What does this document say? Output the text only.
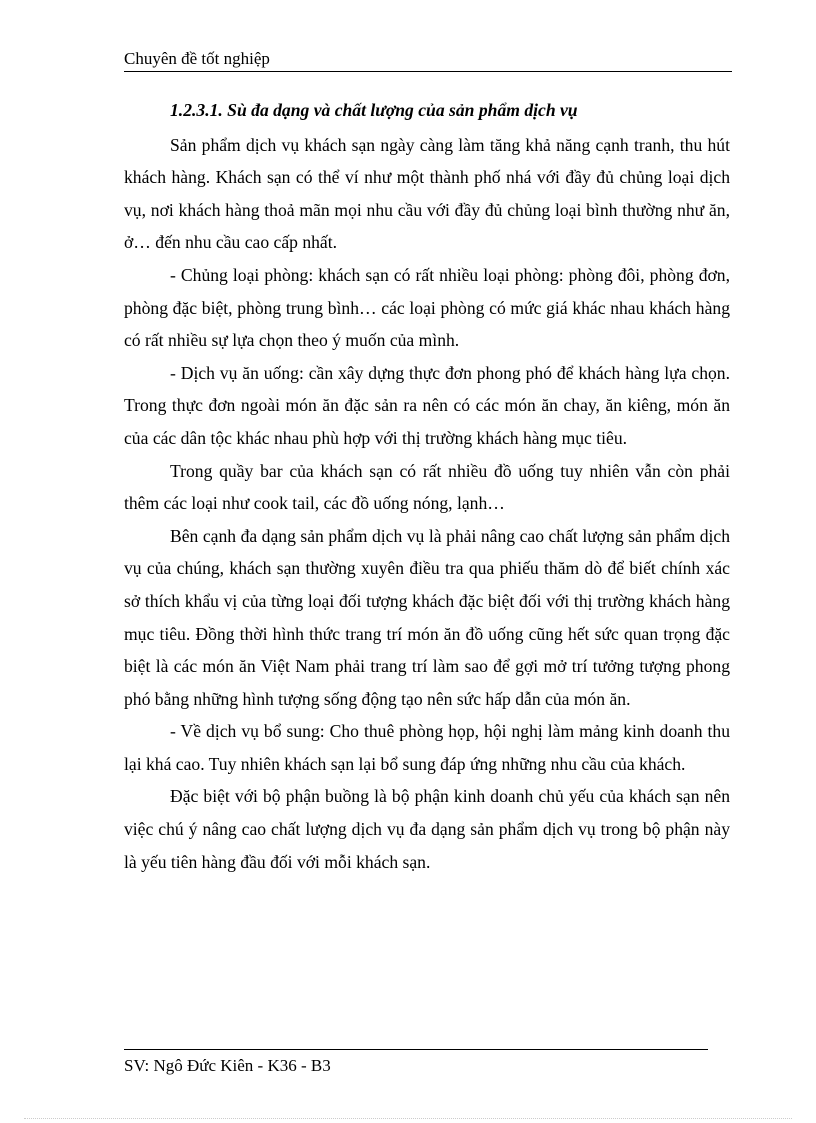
Chuyên đề tốt nghiệp
1.2.3.1. Sù đa dạng và chất lượng của sản phẩm dịch vụ

Sản phẩm dịch vụ khách sạn ngày càng làm tăng khả năng cạnh tranh, thu hút khách hàng. Khách sạn có thể ví như một thành phố nhá với đầy đủ chủng loại dịch vụ, nơi khách hàng thoả mãn mọi nhu cầu với đầy đủ chủng loại bình thường như ăn, ở… đến nhu cầu cao cấp nhất.

- Chủng loại phòng: khách sạn có rất nhiều loại phòng: phòng đôi, phòng đơn, phòng đặc biệt, phòng trung bình… các loại phòng có mức giá khác nhau khách hàng có rất nhiều sự lựa chọn theo ý muốn của mình.

- Dịch vụ ăn uống: cần xây dựng thực đơn phong phó để khách hàng lựa chọn. Trong thực đơn ngoài món ăn đặc sản ra nên có các món ăn chay, ăn kiêng, món ăn của các dân tộc khác nhau phù hợp với thị trường khách hàng mục tiêu.

Trong quầy bar của khách sạn có rất nhiều đồ uống tuy nhiên vẫn còn phải thêm các loại như cook tail, các đồ uống nóng, lạnh…

Bên cạnh đa dạng sản phẩm dịch vụ là phải nâng cao chất lượng sản phẩm dịch vụ của chúng, khách sạn thường xuyên điều tra qua phiếu thăm dò để biết chính xác sở thích khẩu vị của từng loại đối tượng khách đặc biệt đối với thị trường khách hàng mục tiêu. Đồng thời hình thức trang trí món ăn đồ uống cũng hết sức quan trọng đặc biệt là các món ăn Việt Nam phải trang trí làm sao để gợi mở trí tưởng tượng phong phó bằng những hình tượng sống động tạo nên sức hấp dẫn của món ăn.

- Về dịch vụ bổ sung: Cho thuê phòng họp, hội nghị làm mảng kinh doanh thu lại khá cao. Tuy nhiên khách sạn lại bổ sung đáp ứng những nhu cầu của khách.

Đặc biệt với bộ phận buồng là bộ phận kinh doanh chủ yếu của khách sạn nên việc chú ý nâng cao chất lượng dịch vụ đa dạng sản phẩm dịch vụ trong bộ phận này là yếu tiên hàng đầu đối với mỗi khách sạn.

SV: Ngô Đức Kiên - K36 - B3
